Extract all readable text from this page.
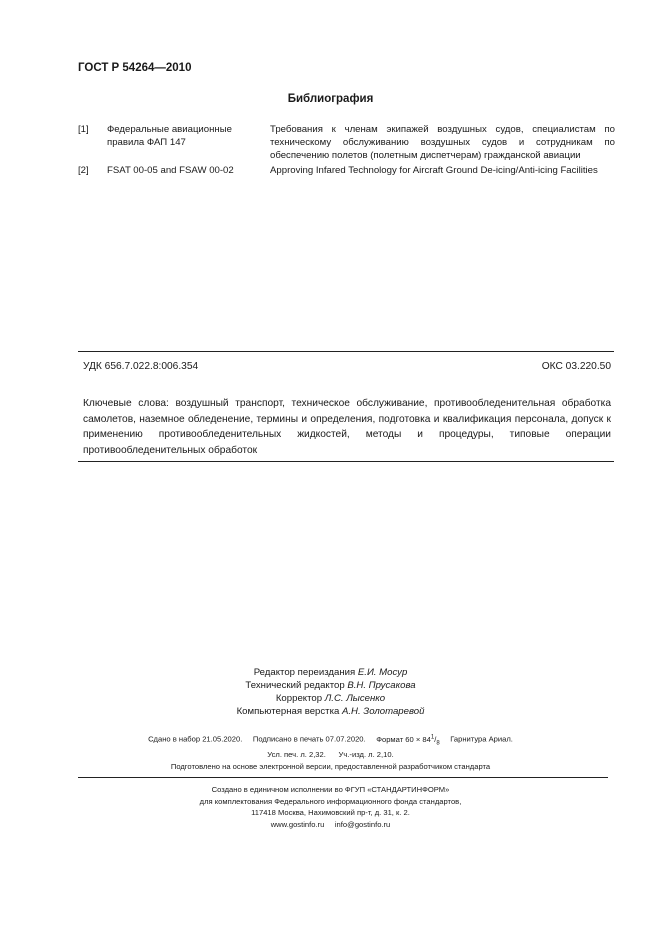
ГОСТ Р 54264—2010
Библиография
[1] Федеральные авиационные правила ФАП 147
Требования к членам экипажей воздушных судов, специалистам по техническому обслуживанию воздушных судов и сотрудникам по обеспечению полетов (полетным диспетчерам) гражданской авиации
[2] FSAT 00-05 and FSAW 00-02	Approving Infared Technology for Aircraft Ground De-icing/Anti-icing Facilities
УДК 656.7.022.8:006.354	ОКС 03.220.50
Ключевые слова: воздушный транспорт, техническое обслуживание, противообледенительная обработка самолетов, наземное обледенение, термины и определения, подготовка и квалификация персонала, допуск к применению противообледенительных жидкостей, методы и процедуры, типовые операции противообледенительных обработок
Редактор переиздания Е.И. Мосур
Технический редактор В.Н. Прусакова
Корректор Л.С. Лысенко
Компьютерная верстка А.Н. Золотаревой
Сдано в набор 21.05.2020. Подписано в печать 07.07.2020. Формат $60 \times 84^1/_8$ Гарнитура Ариал.
Усл. печ. л. 2,32. Уч.-изд. л. 2,10.
Подготовлено на основе электронной версии, предоставленной разработчиком стандарта
Создано в единичном исполнении во ФГУП «СТАНДАРТИНФОРМ»
для комплектования Федерального информационного фонда стандартов,
117418 Москва, Нахимовский пр-т, д. 31, к. 2.
www.gostinfo.ru info@gostinfo.ru
